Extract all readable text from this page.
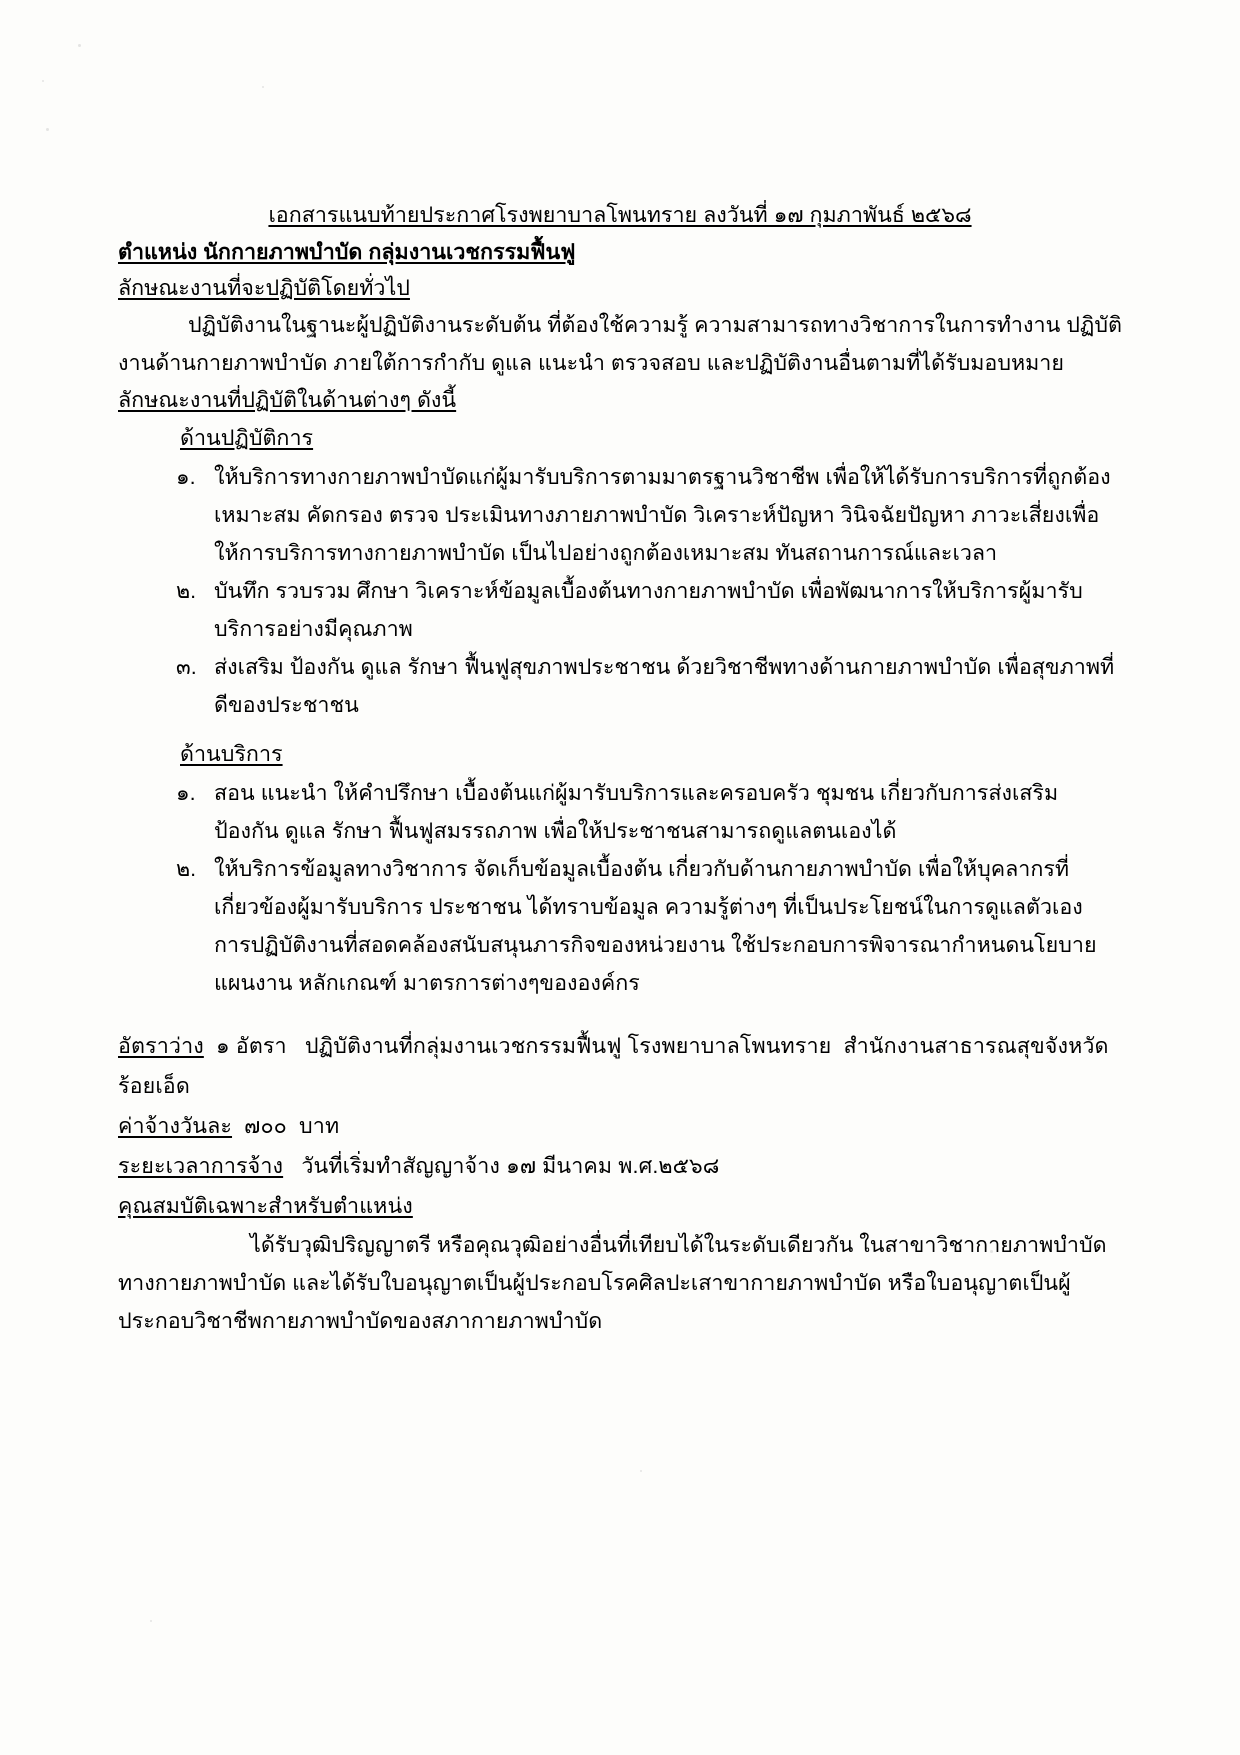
เอกสารแนบท้ายประกาศโรงพยาบาลโพนทราย ลงวันที่ ๑๗ กุมภาพันธ์ ๒๕๖๘
ตำแหน่ง นักกายภาพบำบัด กลุ่มงานเวชกรรมฟื้นฟู
ลักษณะงานที่จะปฏิบัติโดยทั่วไป
ปฏิบัติงานในฐานะผู้ปฏิบัติงานระดับต้น ที่ต้องใช้ความรู้ ความสามารถทางวิชาการในการทำงาน ปฏิบัติงานด้านกายภาพบำบัด ภายใต้การกำกับ ดูแล แนะนำ ตรวจสอบ และปฏิบัติงานอื่นตามที่ได้รับมอบหมาย
ลักษณะงานที่ปฏิบัติในด้านต่างๆ ดังนี้
ด้านปฏิบัติการ
๑. ให้บริการทางกายภาพบำบัดแก่ผู้มารับบริการตามมาตรฐานวิชาชีพ เพื่อให้ได้รับการบริการที่ถูกต้อง เหมาะสม คัดกรอง ตรวจ ประเมินทางภายภาพบำบัด วิเคราะห์ปัญหา วินิจฉัยปัญหา ภาวะเสี่ยงเพื่อให้การบริการทางกายภาพบำบัด เป็นไปอย่างถูกต้องเหมาะสม ทันสถานการณ์และเวลา
๒. บันทึก รวบรวม ศึกษา วิเคราะห์ข้อมูลเบื้องต้นทางกายภาพบำบัด เพื่อพัฒนาการให้บริการผู้มารับบริการอย่างมีคุณภาพ
๓. ส่งเสริม ป้องกัน ดูแล รักษา ฟื้นฟูสุขภาพประชาชน ด้วยวิชาชีพทางด้านกายภาพบำบัด เพื่อสุขภาพที่ดีของประชาชน
ด้านบริการ
๑. สอน แนะนำ ให้คำปรึกษา เบื้องต้นแก่ผู้มารับบริการและครอบครัว ชุมชน เกี่ยวกับการส่งเสริม ป้องกัน ดูแล รักษา ฟื้นฟูสมรรถภาพ เพื่อให้ประชาชนสามารถดูแลตนเองได้
๒. ให้บริการข้อมูลทางวิชาการ จัดเก็บข้อมูลเบื้องต้น เกี่ยวกับด้านกายภาพบำบัด เพื่อให้บุคลากรที่เกี่ยวข้องผู้มารับบริการ ประชาชน ได้ทราบข้อมูล ความรู้ต่างๆ ที่เป็นประโยชน์ในการดูแลตัวเอง การปฏิบัติงานที่สอดคล้องสนับสนุนภารกิจของหน่วยงาน ใช้ประกอบการพิจารณากำหนดนโยบาย แผนงาน หลักเกณฑ์ มาตรการต่างๆขององค์กร
อัตราว่าง  ๑ อัตรา   ปฏิบัติงานที่กลุ่มงานเวชกรรมฟื้นฟู โรงพยาบาลโพนทราย  สำนักงานสาธารณสุขจังหวัดร้อยเอ็ด
ค่าจ้างวันละ  ๗๐๐  บาท
ระยะเวลาการจ้าง   วันที่เริ่มทำสัญญาจ้าง ๑๗ มีนาคม พ.ศ.๒๕๖๘
คุณสมบัติเฉพาะสำหรับตำแหน่ง
ได้รับวุฒิปริญญาตรี หรือคุณวุฒิอย่างอื่นที่เทียบได้ในระดับเดียวกัน ในสาขาวิชากายภาพบำบัด ทางกายภาพบำบัด และได้รับใบอนุญาตเป็นผู้ประกอบโรคศิลปะเสาขากายภาพบำบัด หรือใบอนุญาตเป็นผู้ประกอบวิชาชีพกายภาพบำบัดของสภากายภาพบำบัด
